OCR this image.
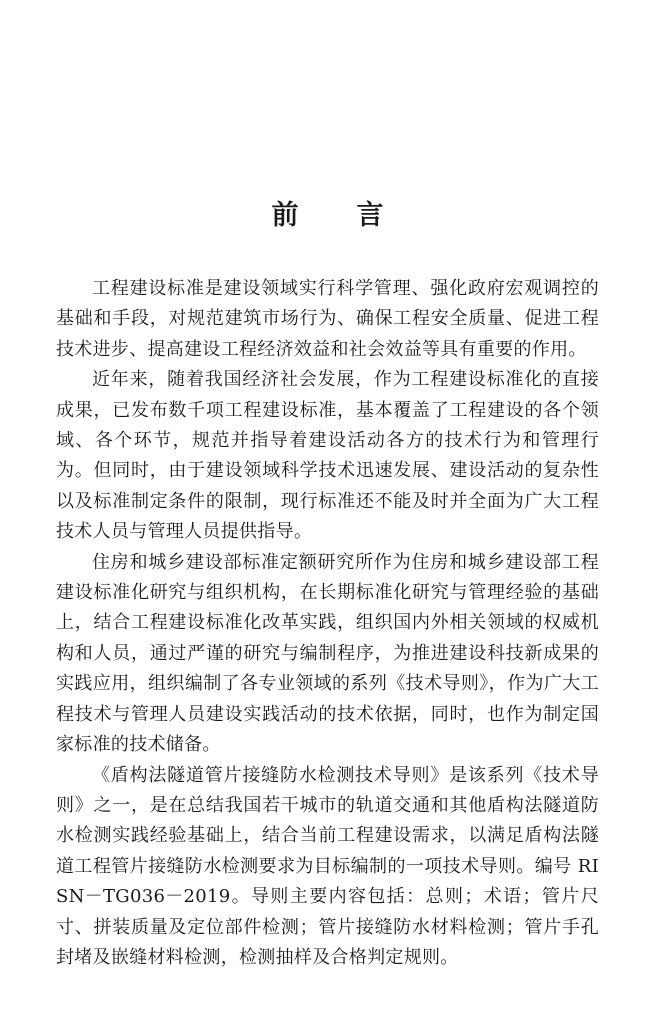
前 言

工程建设标准是建设领域实行科学管理、强化政府宏观调控的基础和手段，对规范建筑市场行为、确保工程安全质量、促进工程技术进步、提高建设工程经济效益和社会效益等具有重要的作用。

近年来，随着我国经济社会发展，作为工程建设标准化的直接成果，已发布数千项工程建设标准，基本覆盖了工程建设的各个领域、各个环节，规范并指导着建设活动各方的技术行为和管理行为。但同时，由于建设领域科学技术迅速发展、建设活动的复杂性以及标准制定条件的限制，现行标准还不能及时并全面为广大工程技术人员与管理人员提供指导。

住房和城乡建设部标准定额研究所作为住房和城乡建设部工程建设标准化研究与组织机构，在长期标准化研究与管理经验的基础上，结合工程建设标准化改革实践，组织国内外相关领域的权威机构和人员，通过严谨的研究与编制程序，为推进建设科技新成果的实践应用，组织编制了各专业领域的系列《技术导则》，作为广大工程技术与管理人员建设实践活动的技术依据，同时，也作为制定国家标准的技术储备。

《盾构法隧道管片接缝防水检测技术导则》是该系列《技术导则》之一，是在总结我国若干城市的轨道交通和其他盾构法隧道防水检测实践经验基础上，结合当前工程建设需求，以满足盾构法隧道工程管片接缝防水检测要求为目标编制的一项技术导则。编号 RISN－TG036－2019。导则主要内容包括：总则；术语；管片尺寸、拼装质量及定位部件检测；管片接缝防水材料检测；管片手孔封堵及嵌缝材料检测，检测抽样及合格判定规则。
